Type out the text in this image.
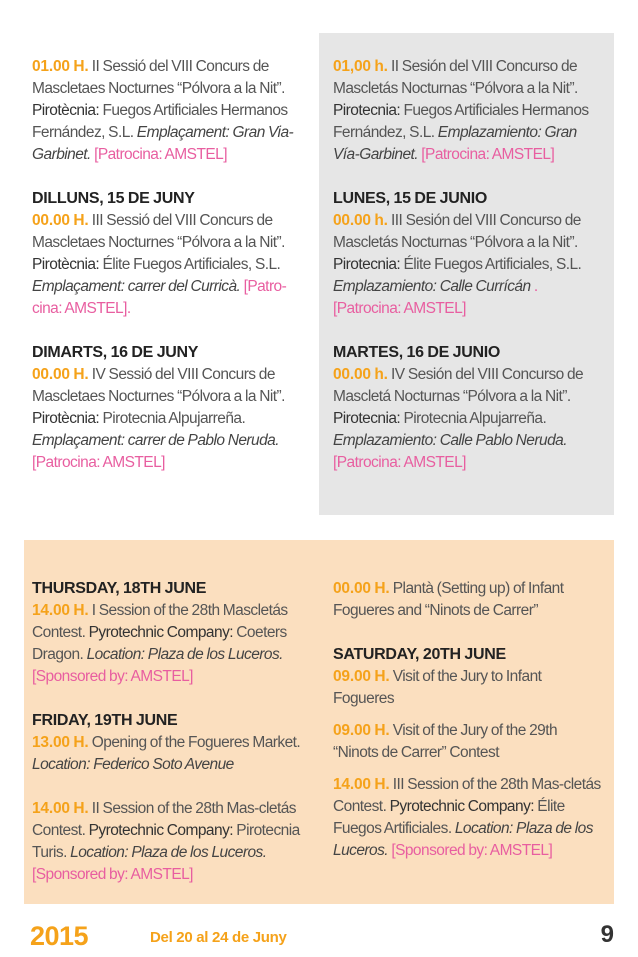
01.00 H. II Sessió del VIII Concurs de Mascletaes Nocturnes “Pólvora a la Nit”. Pirotècnia: Fuegos Artificiales Hermanos Fernández, S.L. Emplaçament: Gran Via-Garbinet. [Patrocina: AMSTEL]

DILLUNS, 15 DE JUNY
00.00 H. III Sessió del VIII Concurs de Mascletaes Nocturnes “Pólvora a la Nit”. Pirotècnia: Élite Fuegos Artificiales, S.L. Emplaçament: carrer del Curricà. [Patro-cina: AMSTEL].

DIMARTS, 16 DE JUNY
00.00 H. IV Sessió del VIII Concurs de Mascletaes Nocturnes “Pólvora a la Nit”. Pirotècnia: Pirotecnia Alpujarreña. Emplaçament: carrer de Pablo Neruda. [Patrocina: AMSTEL]

01,00 h. II Sesión del VIII Concurso de Mascletás Nocturnas “Pólvora a la Nit”. Pirotecnia: Fuegos Artificiales Hermanos Fernández, S.L. Emplazamiento: Gran Vía-Garbinet. [Patrocina: AMSTEL]

LUNES, 15 DE JUNIO
00.00 h. III Sesión del VIII Concurso de Mascletás Nocturnas “Pólvora a la Nit”. Pirotecnia: Élite Fuegos Artificiales, S.L. Emplazamiento: Calle Currícán . [Patrocina: AMSTEL]

MARTES, 16 DE JUNIO
00.00 h. IV Sesión del VIII Concurso de Mascletá Nocturnas “Pólvora a la Nit”. Pirotecnia: Pirotecnia Alpujarreña. Emplazamiento: Calle Pablo Neruda. [Patrocina: AMSTEL]

THURSDAY, 18TH JUNE
14.00 H. I Session of the 28th Mascletás Contest. Pyrotechnic Company: Coeters Dragon. Location: Plaza de los Luceros. [Sponsored by: AMSTEL]

FRIDAY, 19TH JUNE
13.00 H. Opening of the Fogueres Market. Location: Federico Soto Avenue

14.00 H. II Session of the 28th Mas-cletás Contest. Pyrotechnic Company: Pirotecnia Turis. Location: Plaza de los Luceros. [Sponsored by: AMSTEL]

00.00 H. Plantà (Setting up) of Infant Fogueres and “Ninots de Carrer”

SATURDAY, 20TH JUNE
09.00 H. Visit of the Jury to Infant Fogueres

09.00 H. Visit of the Jury of the 29th “Ninots de Carrer” Contest

14.00 H. III Session of the 28th Mas-cletás Contest. Pyrotechnic Company: Élite Fuegos Artificiales. Location: Plaza de los Luceros. [Sponsored by: AMSTEL]

2015	Del 20 al 24 de Juny	9
